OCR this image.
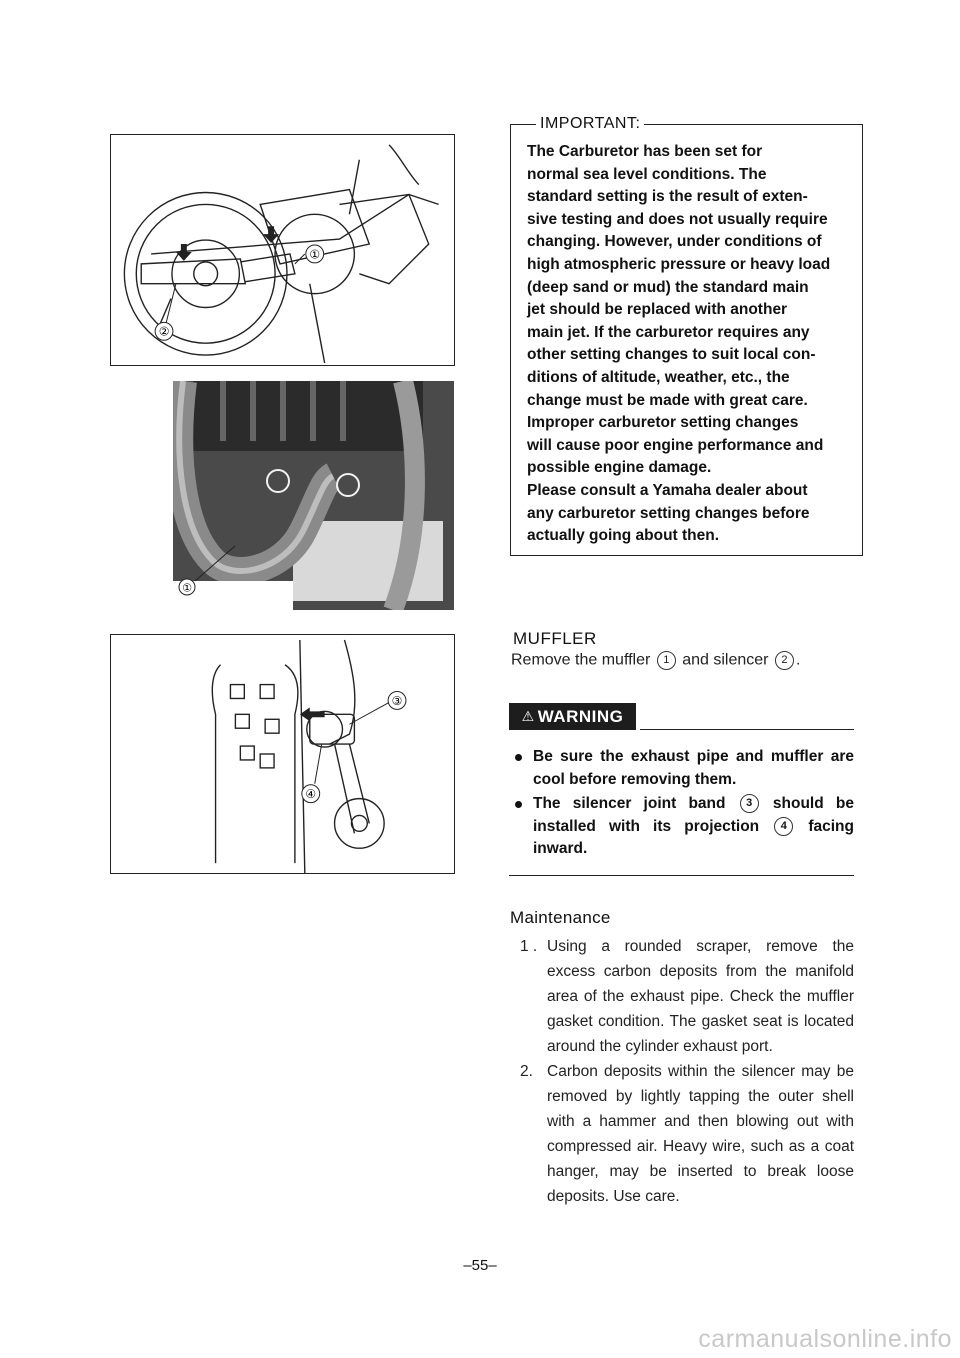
①
②
①
③
④
IMPORTANT:

The Carburetor has been set for
normal sea level conditions. The
standard setting is the result of exten-
sive testing and does not usually require
changing. However, under conditions of
high atmospheric pressure or heavy load
(deep sand or mud) the standard main
jet should be replaced with another
main jet. If the carburetor requires any
other setting changes to suit local con-
ditions of altitude, weather, etc., the
change must be made with great care.
Improper carburetor setting changes
will cause poor engine performance and
possible engine damage.
Please consult a Yamaha dealer about
any carburetor setting changes before
actually going about then.

MUFFLER
Remove the muffler 1 and silencer 2 .
⚠ WARNING
Be sure the exhaust pipe and muffler are cool before removing them.
The silencer joint band 3 should be installed with its projection 4 facing inward.
Maintenance
1 . Using a rounded scraper, remove the excess carbon deposits from the manifold area of the exhaust pipe. Check the muffler gasket condition. The gasket seat is located around the cylinder exhaust port.
2. Carbon deposits within the silencer may be removed by lightly tapping the outer shell with a hammer and then blowing out with compressed air. Heavy wire, such as a coat hanger, may be inserted to break loose deposits. Use care.
–55–
carmanualsonline.info
